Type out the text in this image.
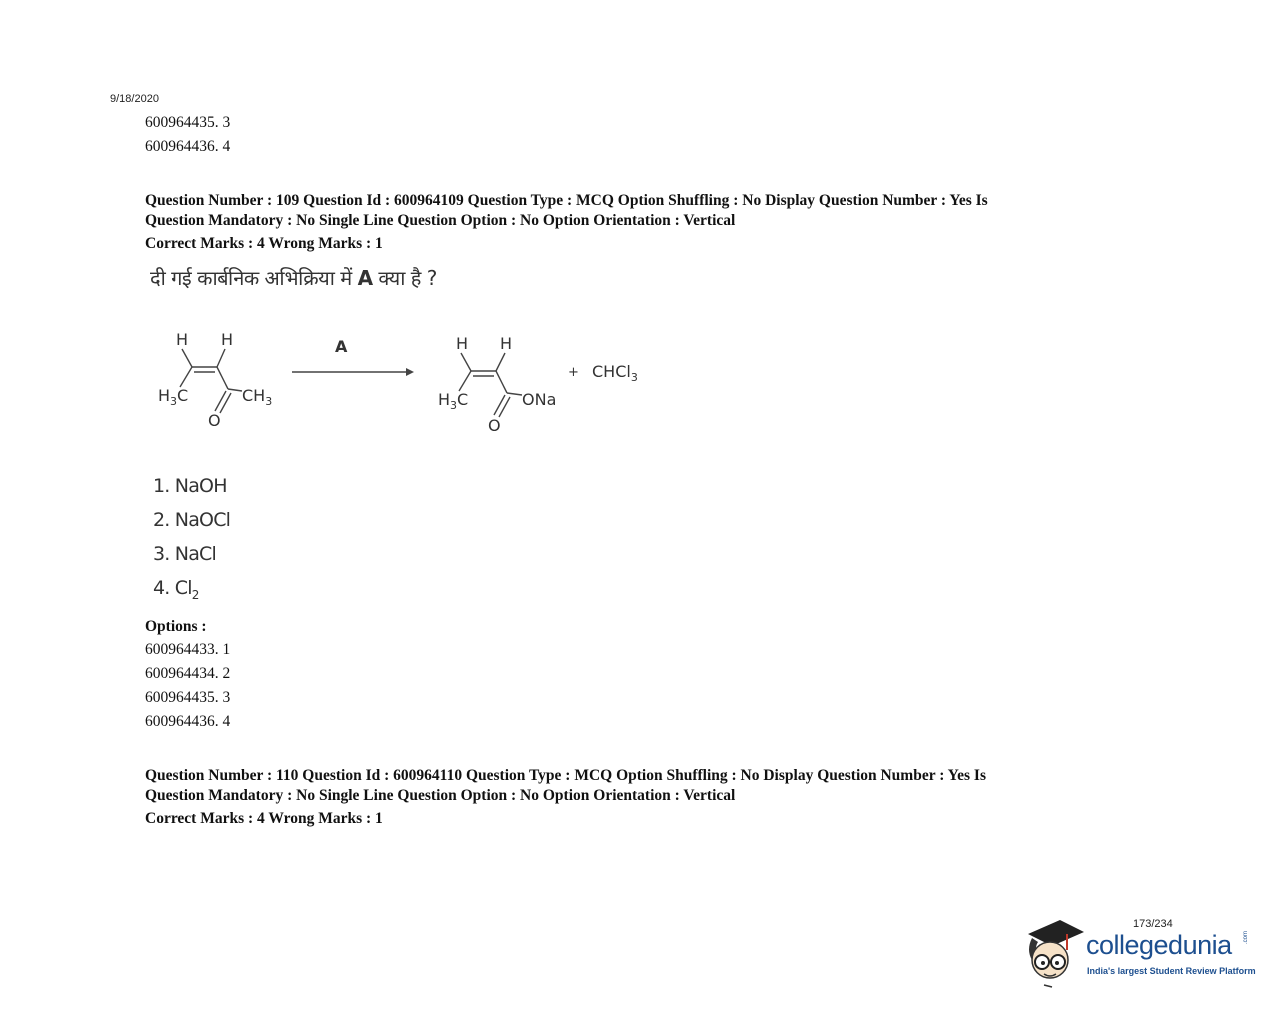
9/18/2020
600964435. 3
600964436. 4
Question Number : 109 Question Id : 600964109 Question Type : MCQ Option Shuffling : No Display Question Number : Yes Is
Question Mandatory : No Single Line Question Option : No Option Orientation : Vertical
Correct Marks : 4 Wrong Marks : 1
दी गई कार्बनिक अभिक्रिया में A क्या है ?
H H
$H_3C$	$CH_3$
O
A	H H
$H_3C$	ONa
O
+ CHCl$_3$
1. NaOH
2. NaOCl
3. NaCl
4. $Cl_2$
Options :
600964433. 1
600964434. 2
600964435. 3
600964436. 4
Question Number : 110 Question Id : 600964110 Question Type : MCQ Option Shuffling : No Display Question Number : Yes Is
Question Mandatory : No Single Line Question Option : No Option Orientation : Vertical
Correct Marks : 4 Wrong Marks : 1
173/234
collegedunia .com
India's largest Student Review Platform
